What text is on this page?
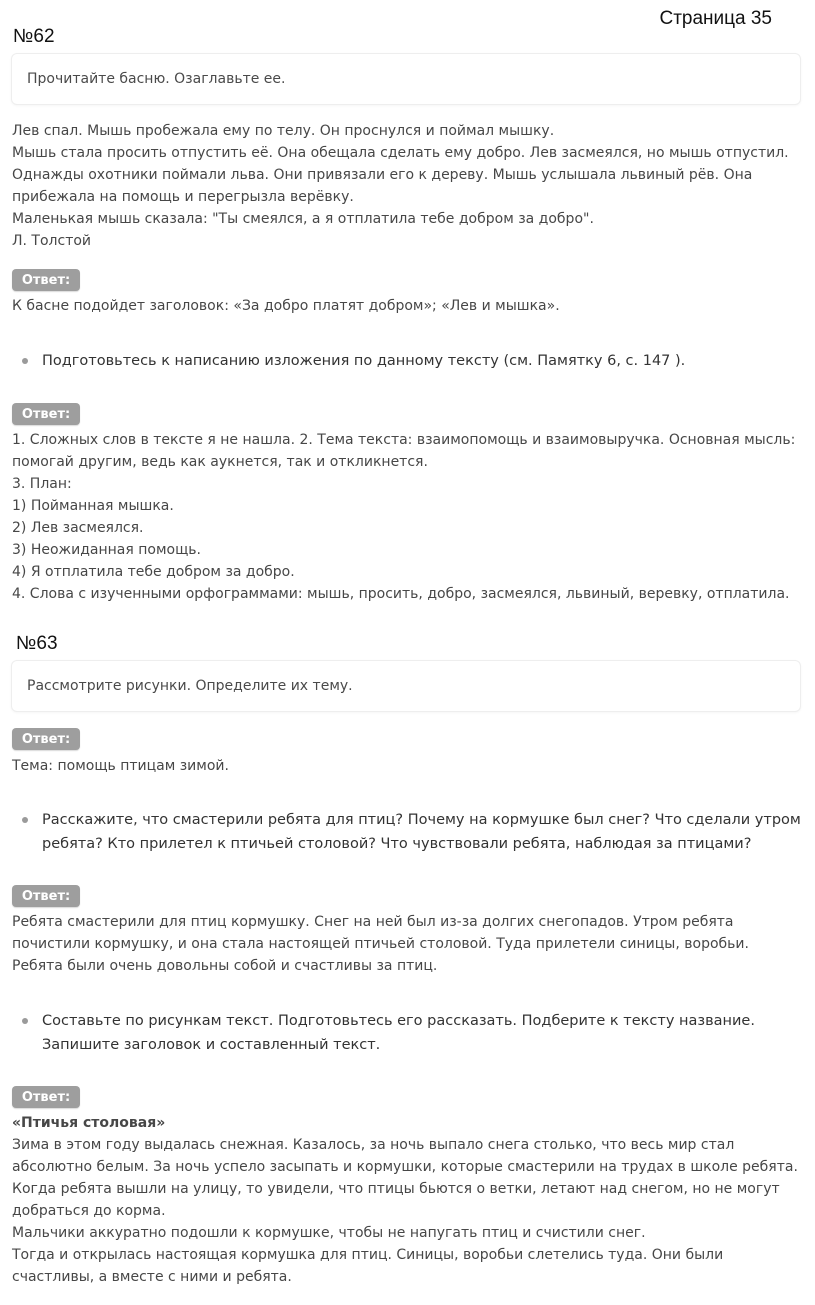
Страница 35
№62
Прочитайте басню. Озаглавьте ее.

Лев спал. Мышь пробежала ему по телу. Он проснулся и поймал мышку.

Мышь стала просить отпустить её. Она обещала сделать ему добро. Лев засмеялся, но мышь отпустил.

Однажды охотники поймали льва. Они привязали его к дереву. Мышь услышала львиный рёв. Она

прибежала на помощь и перегрызла верёвку.

Маленькая мышь сказала: "Ты смеялся, а я отплатила тебе добром за добро".

Л. Толстой

Ответ:

К басне подойдет заголовок: «За добро платят добром»; «Лев и мышка».

Подготовьтесь к написанию изложения по данному тексту (см. Памятку 6, с. 147 ).

Ответ:

1. Сложных слов в тексте я не нашла. 2. Тема текста: взаимопомощь и взаимовыручка. Основная мысль:

помогай другим, ведь как аукнется, так и откликнется.

3. План:

1) Пойманная мышка.

2) Лев засмеялся.

3) Неожиданная помощь.

4) Я отплатила тебе добром за добро.

4. Слова с изученными орфограммами: мышь, просить, добро, засмеялся, львиный, веревку, отплатила.

№63
Рассмотрите рисунки. Определите их тему.
Ответ:

Тема: помощь птицам зимой.

Расскажите, что смастерили ребята для птиц? Почему на кормушке был снег? Что сделали утром

ребята? Кто прилетел к птичьей столовой? Что чувствовали ребята, наблюдая за птицами?

Ответ:

Ребята смастерили для птиц кормушку. Снег на ней был из-за долгих снегопадов. Утром ребята

почистили кормушку, и она стала настоящей птичьей столовой. Туда прилетели синицы, воробьи.

Ребята были очень довольны собой и счастливы за птиц.

Составьте по рисункам текст. Подготовьтесь его рассказать. Подберите к тексту название.

Запишите заголовок и составленный текст.

Ответ:

«Птичья столовая»

Зима в этом году выдалась снежная. Казалось, за ночь выпало снега столько, что весь мир стал

абсолютно белым. За ночь успело засыпать и кормушки, которые смастерили на трудах в школе ребята.

Когда ребята вышли на улицу, то увидели, что птицы бьются о ветки, летают над снегом, но не могут

добраться до корма.

Мальчики аккуратно подошли к кормушке, чтобы не напугать птиц и счистили снег.

Тогда и открылась настоящая кормушка для птиц. Синицы, воробьи слетелись туда. Они были

счастливы, а вместе с ними и ребята.
